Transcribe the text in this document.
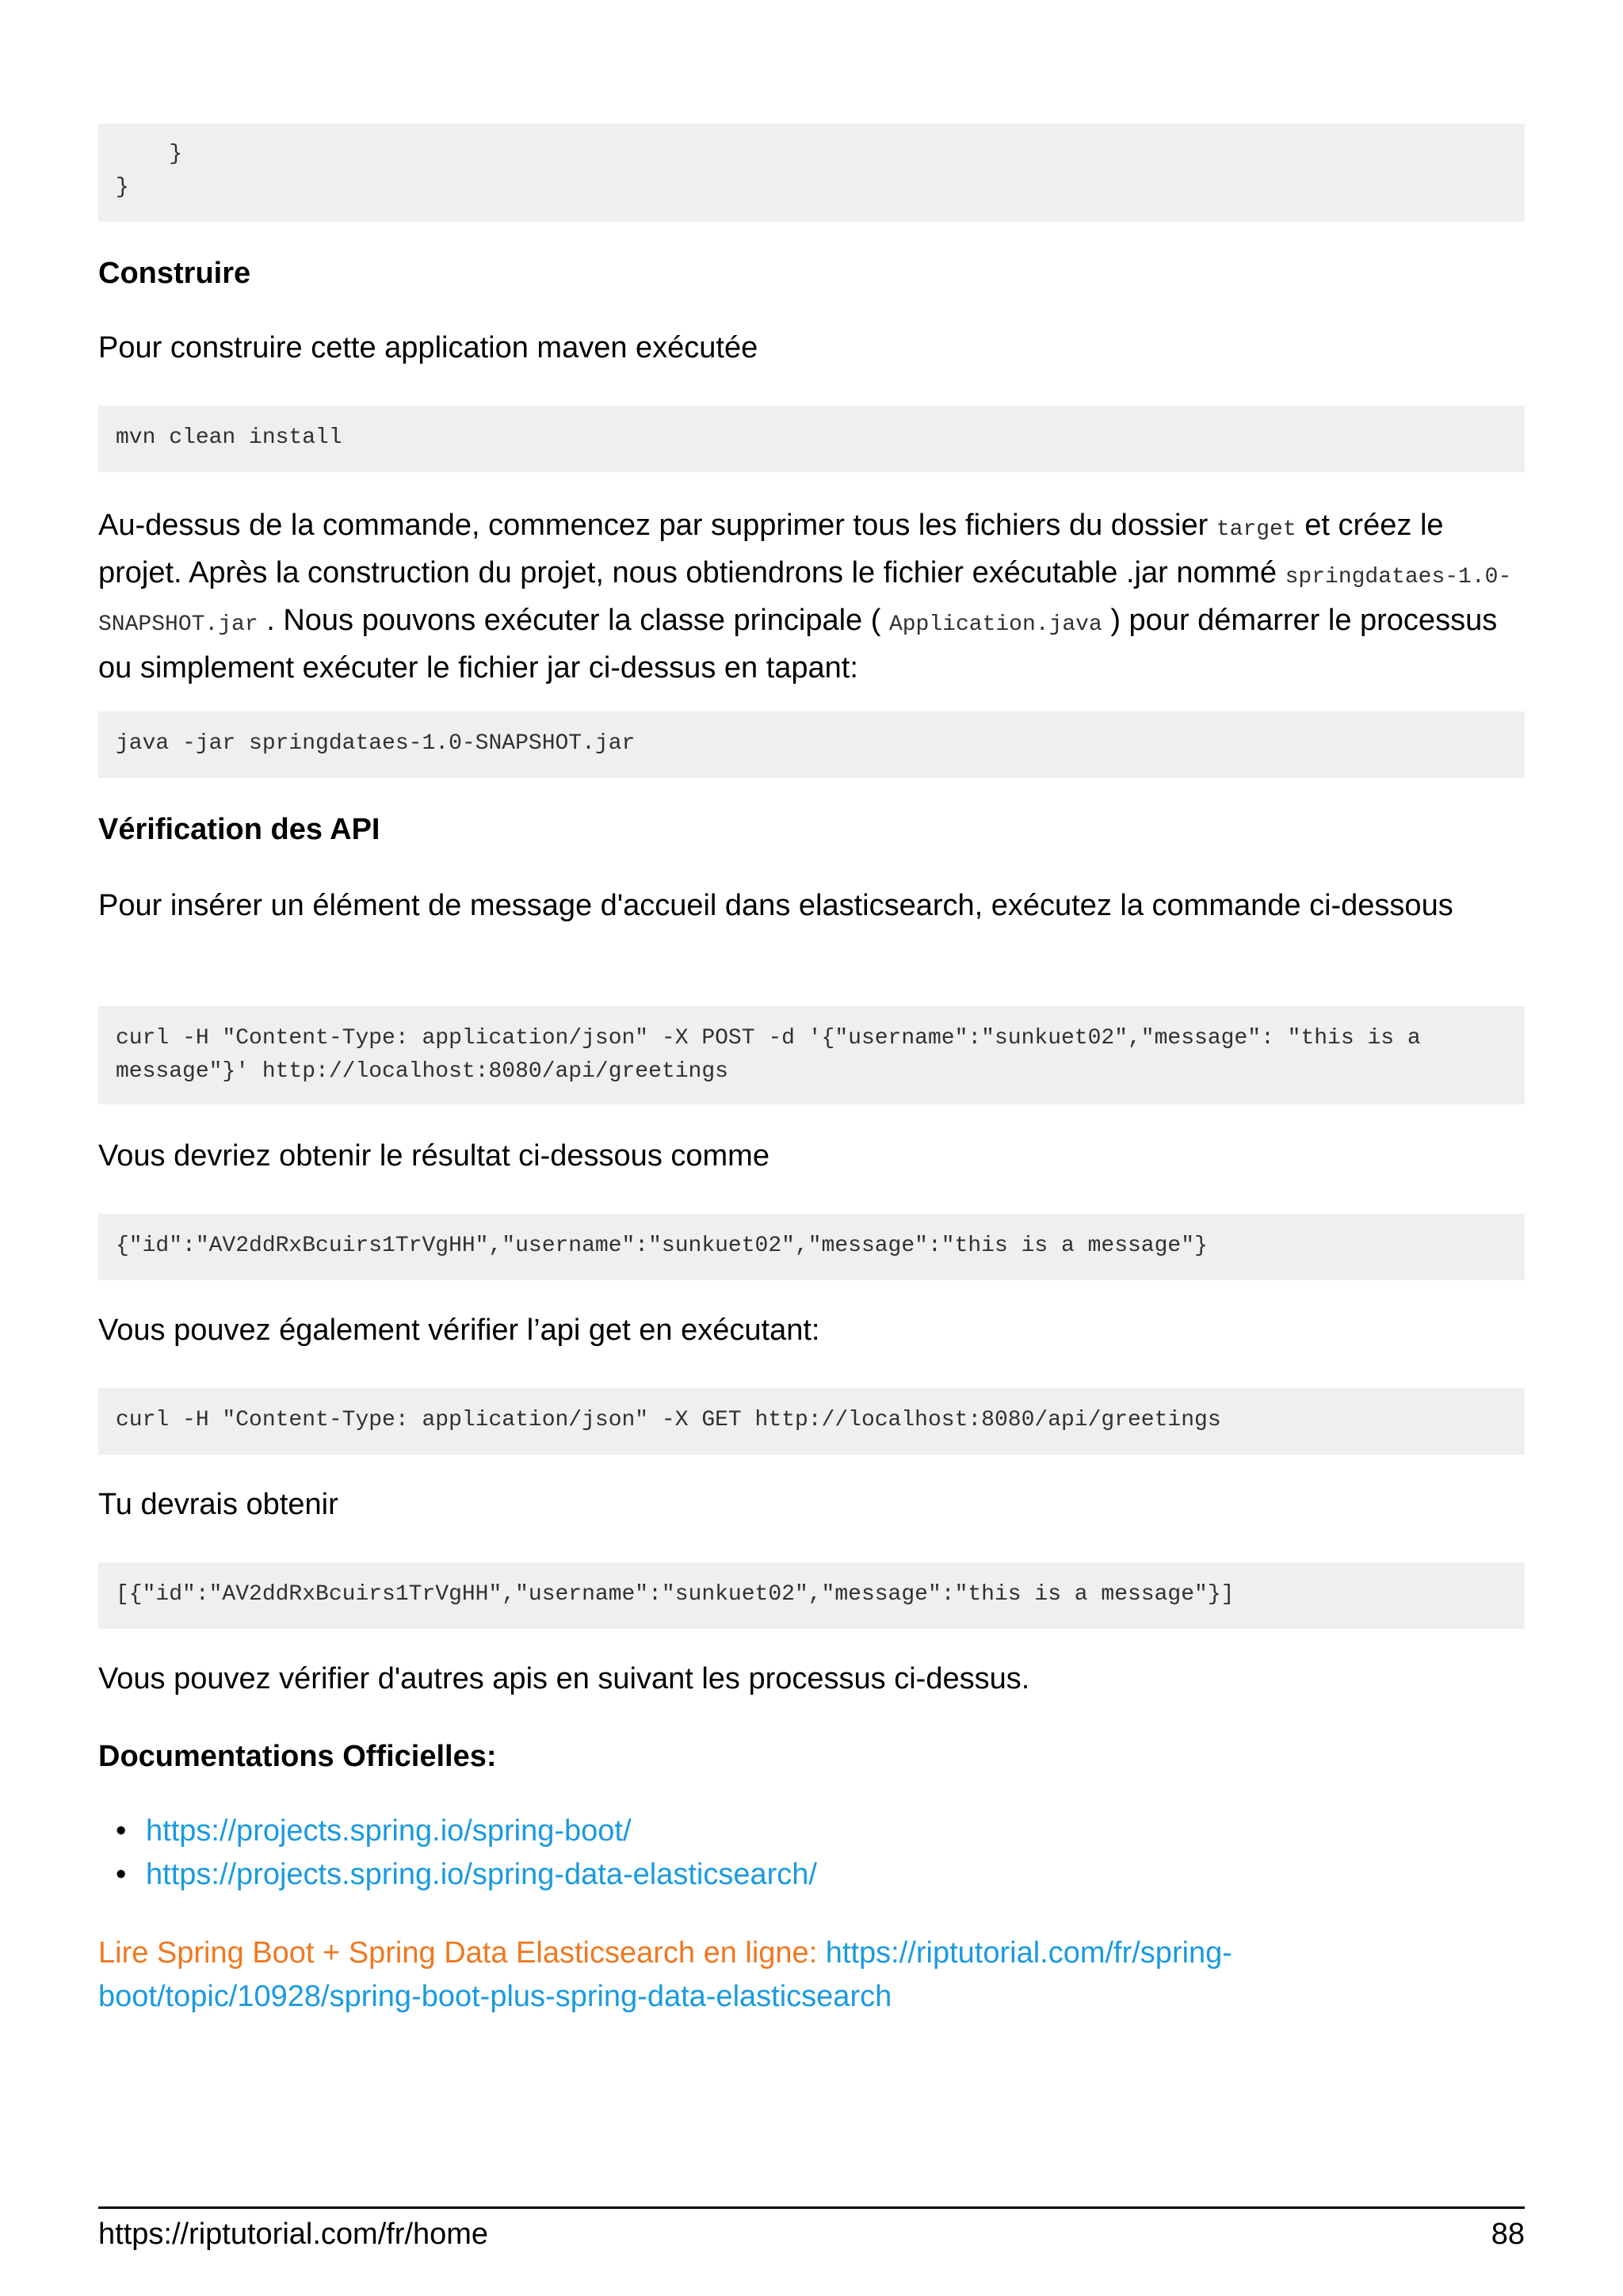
}
}
Construire

Pour construire cette application maven exécutée

mvn clean install

Au-dessus de la commande, commencez par supprimer tous les fichiers du dossier target et créez le projet. Après la construction du projet, nous obtiendrons le fichier exécutable .jar nommé springdataes-1.0-SNAPSHOT.jar . Nous pouvons exécuter la classe principale ( Application.java ) pour démarrer le processus ou simplement exécuter le fichier jar ci-dessus en tapant:

java -jar springdataes-1.0-SNAPSHOT.jar
Vérification des API

Pour insérer un élément de message d'accueil dans elasticsearch, exécutez la commande ci-dessous

curl -H "Content-Type: application/json" -X POST -d '{"username":"sunkuet02","message": "this is a message"}' http://localhost:8080/api/greetings

Vous devriez obtenir le résultat ci-dessous comme

{"id":"AV2ddRxBcuirs1TrVgHH","username":"sunkuet02","message":"this is a message"}

Vous pouvez également vérifier l’api get en exécutant:

curl -H "Content-Type: application/json" -X GET http://localhost:8080/api/greetings

Tu devrais obtenir

[{"id":"AV2ddRxBcuirs1TrVgHH","username":"sunkuet02","message":"this is a message"}]

Vous pouvez vérifier d'autres apis en suivant les processus ci-dessus.

Documentations Officielles:
• https://projects.spring.io/spring-boot/
• https://projects.spring.io/spring-data-elasticsearch/

Lire Spring Boot + Spring Data Elasticsearch en ligne: https://riptutorial.com/fr/spring-boot/topic/10928/spring-boot-plus-spring-data-elasticsearch

https://riptutorial.com/fr/home	88
